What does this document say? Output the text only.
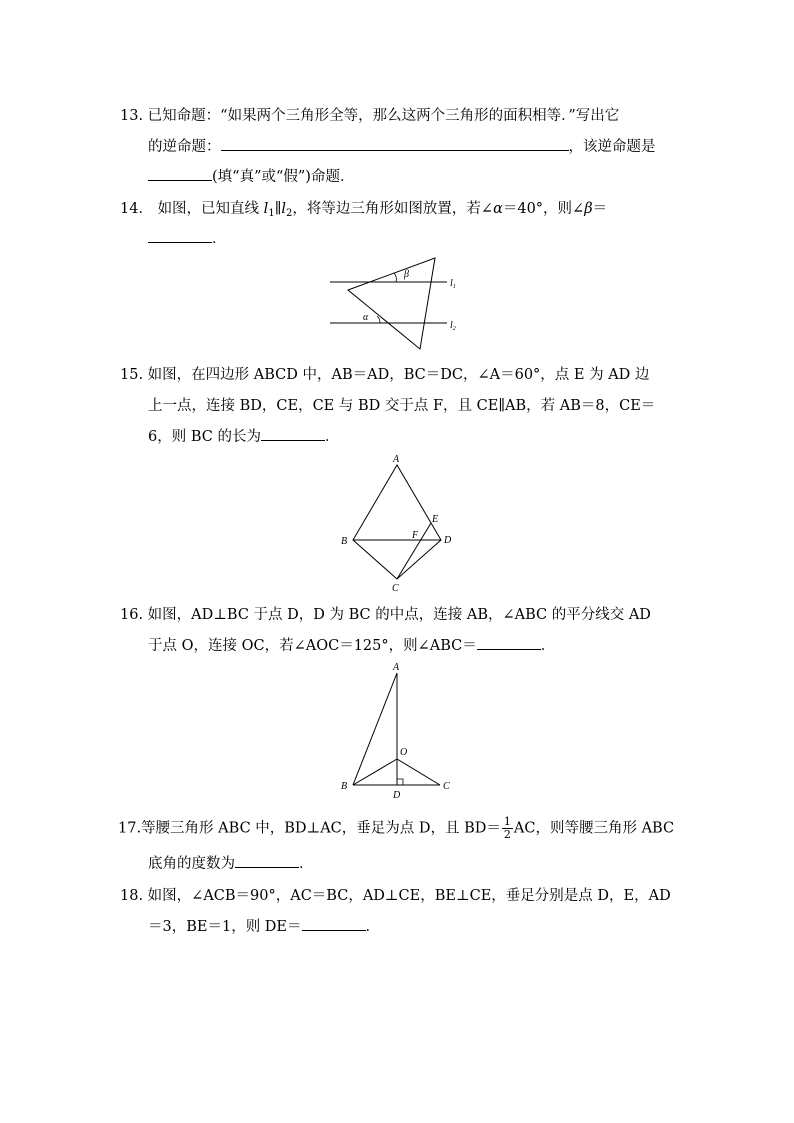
13. 已知命题：“如果两个三角形全等，那么这两个三角形的面积相等．”写出它
的逆命题：	，该逆命题是
(填“真”或“假”)命题．
14． 如图，已知直线 $l_1\parallel l_2$，将等边三角形如图放置，若∠α＝40°，则∠β＝
．
β
α
$l_1$
$l_2$
15. 如图，在四边形 ABCD 中，AB＝AD，BC＝DC，∠A＝60°，点 E 为 AD 边
上一点，连接 BD，CE，CE 与 BD 交于点 F，且 CE∥AB，若 AB＝8，CE＝
6，则 BC 的长为	．
A
B
C
D
E
F
16. 如图，AD⊥BC 于点 D，D 为 BC 的中点，连接 AB，∠ABC 的平分线交 AD
于点 O，连接 OC，若∠AOC＝125°，则∠ABC＝	．
A
B	C
D
O
17.等腰三角形 ABC 中，BD⊥AC，垂足为点 D，且 $BD= \frac{1}{2}$ AC，则等腰三角形 ABC
底角的度数为	．
18. 如图，∠ACB＝90°，AC＝BC，AD⊥CE，BE⊥CE，垂足分别是点 D，E，AD
＝3，BE＝1，则 DE＝	．
